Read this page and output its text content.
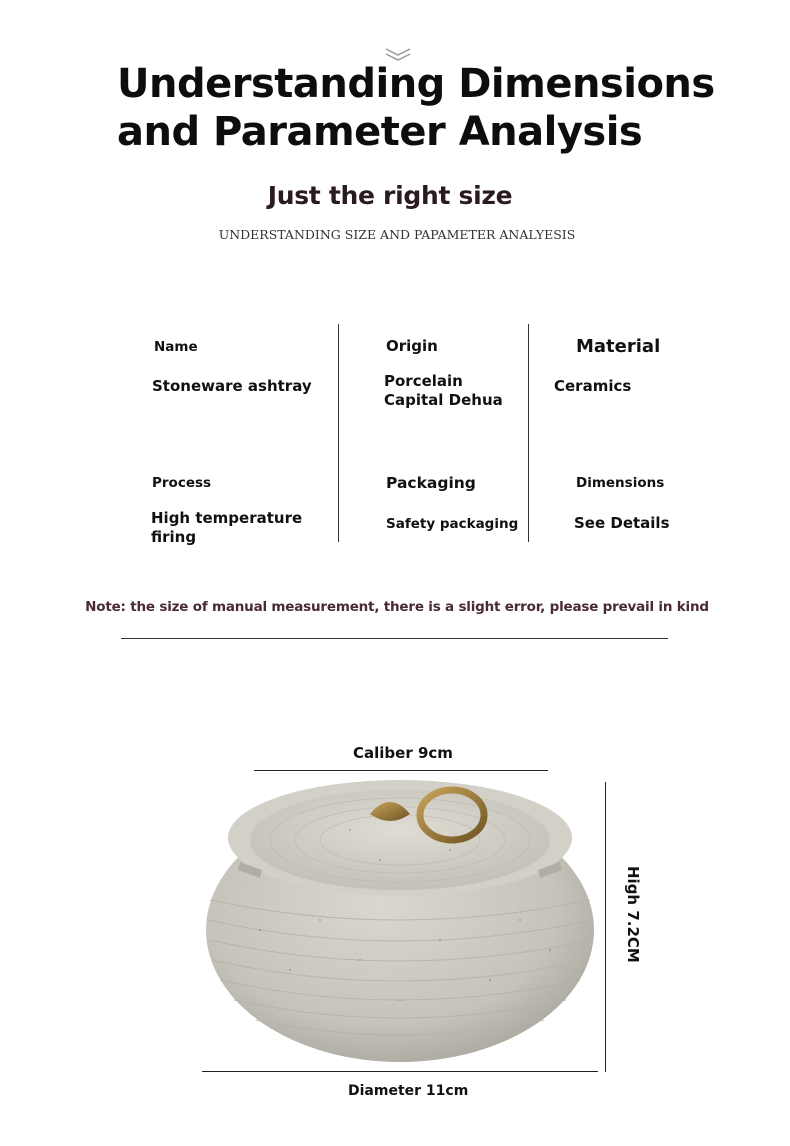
Understanding Dimensions
and Parameter Analysis
Just the right size
UNDERSTANDING SIZE AND PAPAMETER ANALYESIS
Name
Stoneware ashtray
Origin
Porcelain
Capital Dehua
Material
Ceramics
Process
High temperature
firing
Packaging
Safety packaging
Dimensions
See Details
Note: the size of manual measurement, there is a slight error, please prevail in kind
Caliber 9cm
High 7.2CM
Diameter 11cm
